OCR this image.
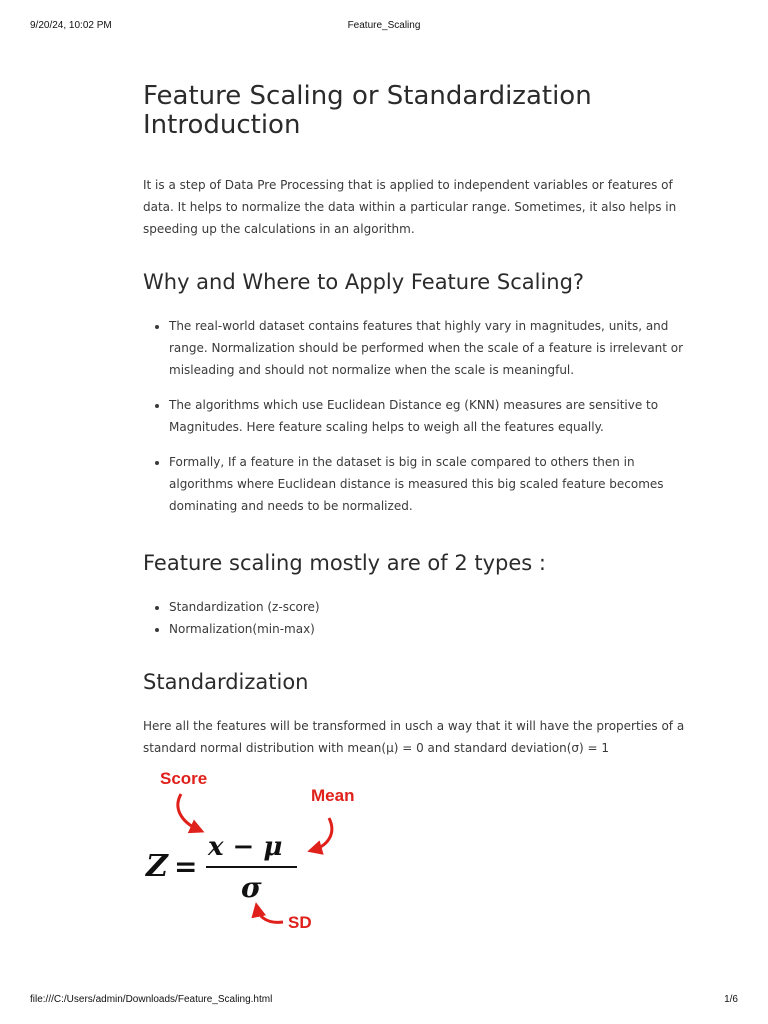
9/20/24, 10:02 PM	Feature_Scaling
Feature Scaling or Standardization
Introduction

It is a step of Data Pre Processing that is applied to independent variables or features of data. It helps to normalize the data within a particular range. Sometimes, it also helps in speeding up the calculations in an algorithm.

Why and Where to Apply Feature Scaling?
• The real-world dataset contains features that highly vary in magnitudes, units, and range. Normalization should be performed when the scale of a feature is irrelevant or misleading and should not normalize when the scale is meaningful.
• The algorithms which use Euclidean Distance eg (KNN) measures are sensitive to Magnitudes. Here feature scaling helps to weigh all the features equally.
• Formally, If a feature in the dataset is big in scale compared to others then in algorithms where Euclidean distance is measured this big scaled feature becomes dominating and needs to be normalized.
Feature scaling mostly are of 2 types :
• Standardization (z-score)
• Normalization(min-max)
Standardization

Here all the features will be transformed in usch a way that it will have the properties of a standard normal distribution with mean(μ) = 0 and standard deviation(σ) = 1

Score
Mean
SD
Z =
x − μ
σ
file:///C:/Users/admin/Downloads/Feature_Scaling.html	1/6
